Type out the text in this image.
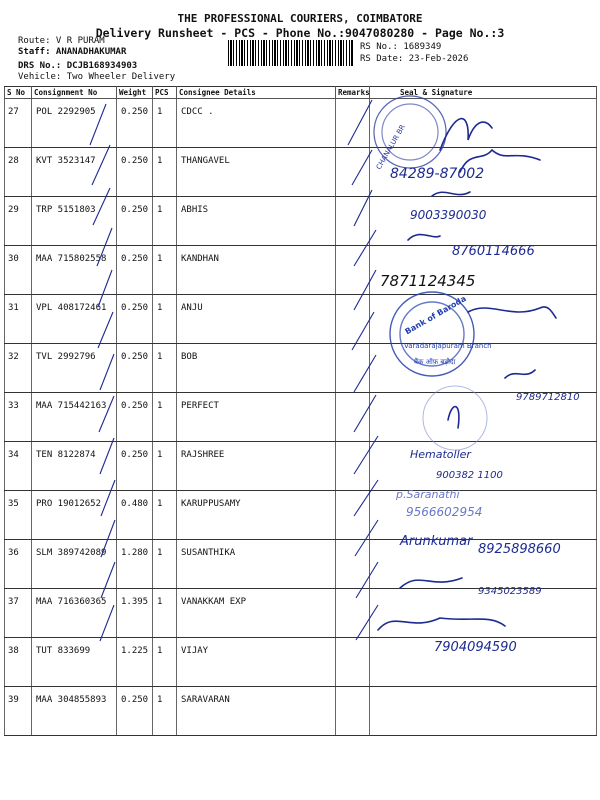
THE PROFESSIONAL COURIERS, COIMBATORE
Delivery Runsheet - PCS - Phone No.:9047080280 - Page No.:3
Route: V R PURAM
Staff: ANANADHAKUMAR
DRS No.: DCJB168934903
Vehicle: Two Wheeler Delivery
RS No.: 1689349
RS Date: 23-Feb-2026
S No	Consignment No	Weight	PCS	Consignee Details	Remarks	Seal & Signature
27	POL 2292905	0.250	1	CDCC .		
28	KVT 3523147	0.250	1	THANGAVEL		
29	TRP 5151803	0.250	1	ABHIS		
30	MAA 715802558	0.250	1	KANDHAN		
31	VPL 408172461	0.250	1	ANJU		
32	TVL 2992796	0.250	1	BOB		
33	MAA 715442163	0.250	1	PERFECT		
34	TEN 8122874	0.250	1	RAJSHREE		
35	PRO 19012652	0.480	1	KARUPPUSAMY		
36	SLM 389742089	1.280	1	SUSANTHIKA		
37	MAA 716360365	1.395	1	VANAKKAM EXP		
38	TUT 833699	1.225	1	VIJAY		
39	MAA 304855893	0.250	1	SARAVARAN		
CHANALUR BR
Bank of Baroda
Varadarajapuram Branch
बैंक ऑफ़ बड़ौदा
84289-87002
9003390030
8760114666
7871124345
9789712810
Hematoller
900382 1100
p.Saranathi
9566602954
Arunkumar
8925898660
9345023589
7904094590
